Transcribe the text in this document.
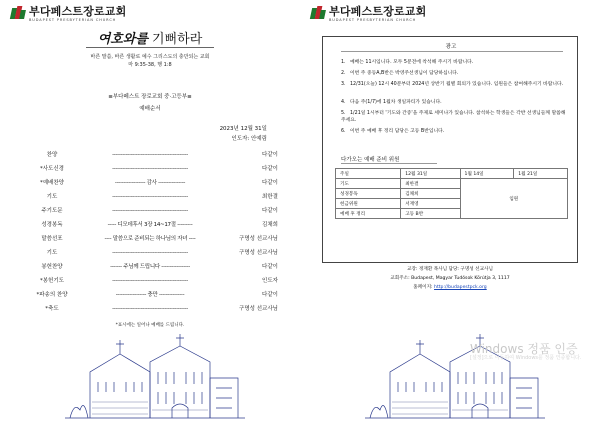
부다페스트장로교회
BUDAPEST PRESBYTERIAN CHURCH
여호와를 기뻐하라
바른 말씀, 바른 생활로 예수 그리스도의 충만되는 교회
마 9:35-38, 행 1:8
≡부다페스트 장로교회 중·고등부≡
예배순서
2023년 12월 31일
인도자: 안예림
찬양	---------------------------------------------	다같이
*사도신경	---------------------------------------------	다같이
*예배찬양	------------------ 감사 ----------------	다같이
기도	---------------------------------------------	최한결
주기도문	---------------------------------------------	다같이
성경봉독	----- 디모데후서 3장 14~17절 ---------	김채희
말씀선포	---- 말씀으로 준비되는 하나님의 자녀 ----	구명성 선교사님
기도	---------------------------------------------	구명성 선교사님
봉헌찬양	------- 주님께 드립니다 -----------------	다같이
*봉헌기도	---------------------------------------------	인도자
*파송의 찬양	------------------ 충만 ---------------	다같이
*축도	---------------------------------------------	구명성 선교사님
*표시에는 일어나 예배를 드립니다.
부다페스트장로교회
BUDAPEST PRESBYTERIAN CHURCH
광고
1. 예배는 11시입니다. 모두 5분전에 착석해 주시기 바랍니다.
2. 이번 주 중등A,B반은 박영주선생님이 담당하십니다.
3. 12/31(오늘) 12시 40분부터 2024년 상반기 월별 회의가 있습니다. 임원들은 참여해주시기 바랍니다.
4. 다음 주(1/7)에 1월차 생일파티가 있습니다.
5. 1/21일 1시부터 '기도와 간증'을 주제로 세미나가 있습니다. 참석하는 학생들은 각반 선생님들께 말씀해 주세요.
6. 이번 주 예배 후 정리 담당은 고등 B반입니다.
다가오는 예배 준비 위원
주일	12월 31일	1월 14일	1월 21일
기도	최한결	임원	
성경봉독	김채희		
헌금위원	서재영		
예배 후 정리	고등 B반		
교장: 정재환 목사님 담당: 구명성 선교사님
교회주소: Budapest, Magyar Tudósok Körútja 3, 1117
홈페이지: http://budapestpck.org
Windows 정품 인증
[설정]으로 이동하여 Windows를 정품 인증합니다.
